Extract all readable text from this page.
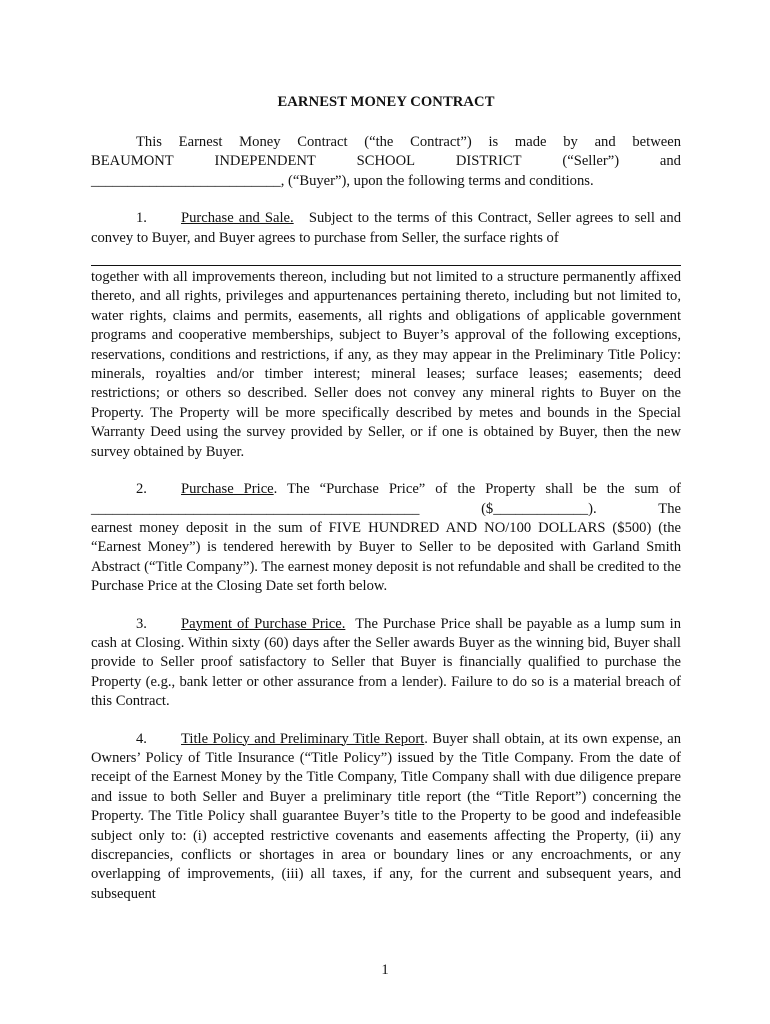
EARNEST MONEY CONTRACT

This Earnest Money Contract (“the Contract”) is made by and between

BEAUMONT	INDEPENDENT	SCHOOL	DISTRICT	(“Seller”)	and

__________________________, (“Buyer”), upon the following terms and conditions.

1. Purchase and Sale. Subject to the terms of this Contract, Seller agrees to sell and convey to Buyer, and Buyer agrees to purchase from Seller, the surface rights of

together with all improvements thereon, including but not limited to a structure permanently affixed thereto, and all rights, privileges and appurtenances pertaining thereto, including but not limited to, water rights, claims and permits, easements, all rights and obligations of applicable government programs and cooperative memberships, subject to Buyer’s approval of the following exceptions, reservations, conditions and restrictions, if any, as they may appear in the Preliminary Title Policy: minerals, royalties and/or timber interest; mineral leases; surface leases; easements; deed restrictions; or others so described. Seller does not convey any mineral rights to Buyer on the Property. The Property will be more specifically described by metes and bounds in the Special Warranty Deed using the survey provided by Seller, or if one is obtained by Buyer, then the new survey obtained by Buyer.

2. Purchase Price. The “Purchase Price” of the Property shall be the sum of

_____________________________________________	($_____________).	The

earnest money deposit in the sum of FIVE HUNDRED AND NO/100 DOLLARS ($500) (the “Earnest Money”) is tendered herewith by Buyer to Seller to be deposited with Garland Smith Abstract (“Title Company”). The earnest money deposit is not refundable and shall be credited to the Purchase Price at the Closing Date set forth below.

3. Payment of Purchase Price. The Purchase Price shall be payable as a lump sum in cash at Closing. Within sixty (60) days after the Seller awards Buyer as the winning bid, Buyer shall provide to Seller proof satisfactory to Seller that Buyer is financially qualified to purchase the Property (e.g., bank letter or other assurance from a lender). Failure to do so is a material breach of this Contract.

4. Title Policy and Preliminary Title Report. Buyer shall obtain, at its own expense, an Owners’ Policy of Title Insurance (“Title Policy”) issued by the Title Company. From the date of receipt of the Earnest Money by the Title Company, Title Company shall with due diligence prepare and issue to both Seller and Buyer a preliminary title report (the “Title Report”) concerning the Property. The Title Policy shall guarantee Buyer’s title to the Property to be good and indefeasible subject only to: (i) accepted restrictive covenants and easements affecting the Property, (ii) any discrepancies, conflicts or shortages in area or boundary lines or any encroachments, or any overlapping of improvements, (iii) all taxes, if any, for the current and subsequent years, and subsequent

1
